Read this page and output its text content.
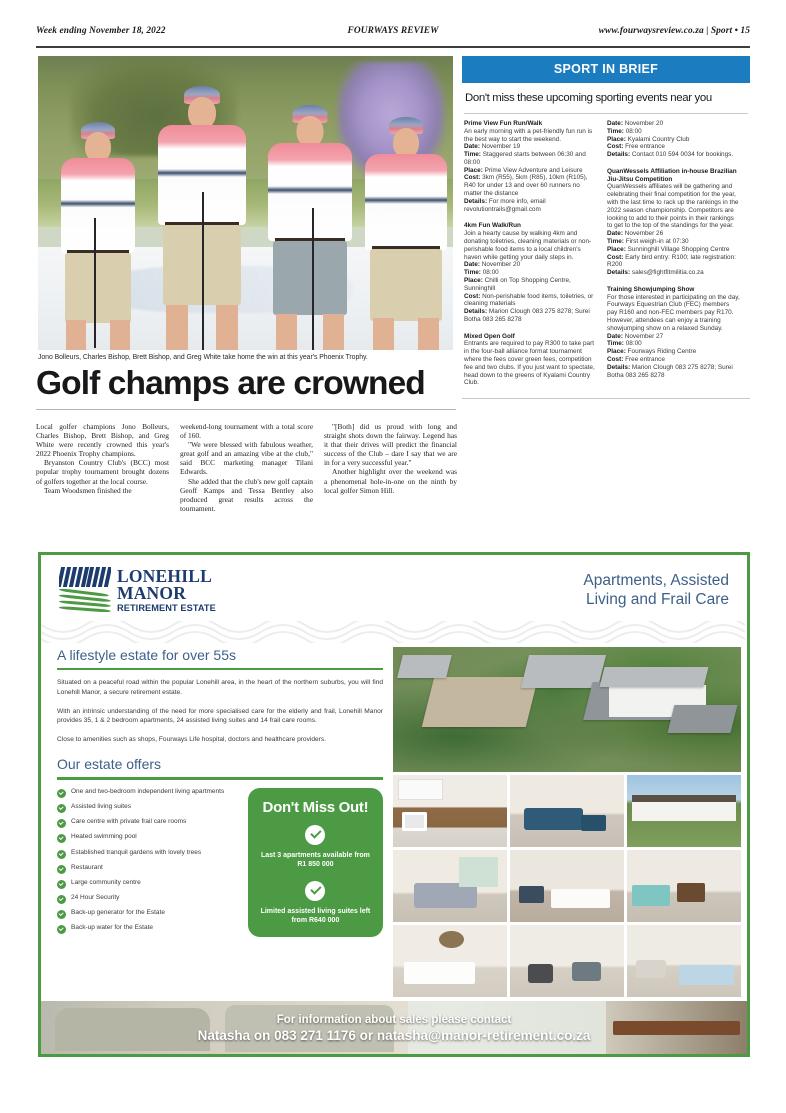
Week ending November 18, 2022	FOURWAYS REVIEW	www.fourwaysreview.co.za | Sport • 15
Jono Bolleurs, Charles Bishop, Brett Bishop, and Greg White take home the win at this year's Phoenix Trophy.
Golf champs are crowned

Local golfer champions Jono Bolleurs, Charles Bishop, Brett Bishop, and Greg White were recently crowned this year's 2022 Phoenix Trophy champions.

Bryanston Country Club's (BCC) most popular trophy tournament brought dozens of golfers together at the local course.

Team Woodsmen finished the

weekend-long tournament with a total score of 160.

"We were blessed with fabulous weather, great golf and an amazing vibe at the club," said BCC marketing manager Tilani Edwards.

She added that the club's new golf captain Geoff Kamps and Tessa Bentley also produced great results across the tournament.

"[Both] did us proud with long and straight shots down the fairway. Legend has it that their drives will predict the financial success of the Club – dare I say that we are in for a very successful year."

Another highlight over the weekend was a phenomenal hole-in-one on the ninth by local golfer Simon Hill.

SPORT IN BRIEF
Don't miss these upcoming sporting events near you
Prime View Fun Run/Walk

An early morning with a pet-friendly fun run is the best way to start the weekend.

Date: November 19

Time: Staggered starts between 06:30 and 08:00

Place: Prime View Adventure and Leisure

Cost: 3km (R55), 5km (R85), 10km (R105), R40 for under 13 and over 60 runners no matter the distance

Details: For more info, email revolutiontrails@gmail.com

4km Fun Walk/Run

Join a hearty cause by walking 4km and donating toiletries, cleaning materials or non-perishable food items to a local children's haven while getting your daily steps in.

Date: November 20

Time: 08:00

Place: Chilli on Top Shopping Centre, Sunninghill

Cost: Non-perishable food items, toiletries, or cleaning materials

Details: Marion Clough 083 275 8278; Surei Botha 083 265 8278

Mixed Open Golf

Entrants are required to pay R300 to take part in the four-ball alliance format tournament where the fees cover green fees, competition fee and two clubs. If you just want to spectate, head down to the greens of Kyalami Country Club.

Date: November 20

Time: 08:00

Place: Kyalami Country Club

Cost: Free entrance

Details: Contact 010 594 0034 for bookings.

QuanWessels Affiliation in-house Brazilian Jiu-Jitsu Competition

QuanWessels affiliates will be gathering and celebrating their final competition for the year, with the last time to rack up the rankings in the 2022 season championship. Competitors are looking to add to their points in their rankings to get to the top of the standings for the year.

Date: November 26

Time: First weigh-in at 07:30

Place: Sunninghill Village Shopping Centre

Cost: Early bird entry: R100; late registration: R200

Details: sales@fightfitmilitia.co.za

Training Showjumping Show

For those interested in participating on the day, Fourways Equestrian Club (FEC) members pay R160 and non-FEC members pay R170. However, attendees can enjoy a training showjumping show on a relaxed Sunday.

Date: November 27

Time: 08:00

Place: Fourways Riding Centre

Cost: Free entrance

Details: Marion Clough 083 275 8278; Surei Botha 083 265 8278

LONEHILL
MANOR
RETIREMENT ESTATE
Apartments, Assisted
Living and Frail Care
A lifestyle estate for over 55s
Situated on a peaceful road within the popular Lonehill area, in the heart of the northern suburbs, you will find Lonehill Manor, a secure retirement estate.
With an intrinsic understanding of the need for more specialised care for the elderly and frail, Lonehill Manor provides 35, 1 & 2 bedroom apartments, 24 assisted living suites and 14 frail care rooms.
Close to amenities such as shops, Fourways Life hospital, doctors and healthcare providers.
Our estate offers
One and two-bedroom independent living apartments
Assisted living suites
Care centre with private frail care rooms
Heated swimming pool
Established tranquil gardens with lovely trees
Restaurant
Large community centre
24 Hour Security
Back-up generator for the Estate
Back-up water for the Estate
Don't Miss Out!

Last 3 apartments available from R1 850 000

Limited assisted living suites left from R640 000

For information about sales please contact
Natasha on 083 271 1176 or natasha@manor-retirement.co.za
